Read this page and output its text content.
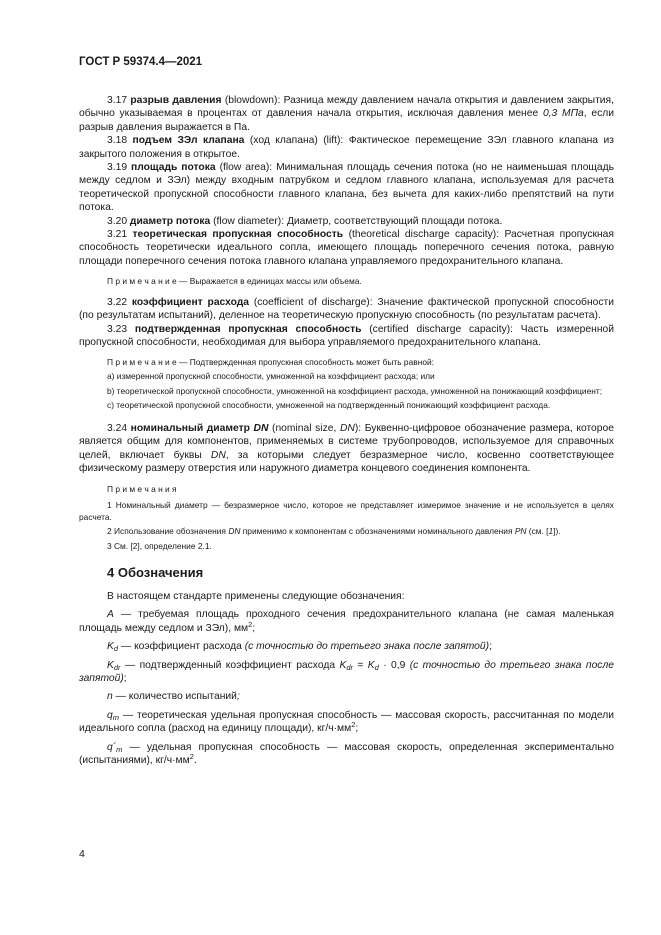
ГОСТ Р 59374.4—2021

3.17 разрыв давления (blowdown): Разница между давлением начала открытия и давлением закрытия, обычно указываемая в процентах от давления начала открытия, исключая давления менее 0,3 МПа, если разрыв давления выражается в Па.

3.18 подъем ЗЭл клапана (ход клапана) (lift): Фактическое перемещение ЗЭл главного клапана из закрытого положения в открытое.

3.19 площадь потока (flow area): Минимальная площадь сечения потока (но не наименьшая площадь между седлом и ЗЭл) между входным патрубком и седлом главного клапана, используемая для расчета теоретической пропускной способности главного клапана, без вычета для каких-либо препятствий на пути потока.

3.20 диаметр потока (flow diameter): Диаметр, соответствующий площади потока.

3.21 теоретическая пропускная способность (theoretical discharge capacity): Расчетная пропускная способность теоретически идеального сопла, имеющего площадь поперечного сечения потока, равную площади поперечного сечения потока главного клапана управляемого предохранительного клапана.

П р и м е ч а н и е — Выражается в единицах массы или объема.

3.22 коэффициент расхода (coefficient of discharge): Значение фактической пропускной способности (по результатам испытаний), деленное на теоретическую пропускную способность (по результатам расчета).

3.23 подтвержденная пропускная способность (certified discharge capacity): Часть измеренной пропускной способности, необходимая для выбора управляемого предохранительного клапана.

П р и м е ч а н и е — Подтвержденная пропускная способность может быть равной:

а) измеренной пропускной способности, умноженной на коэффициент расхода; или

b) теоретической пропускной способности, умноженной на коэффициент расхода, умноженной на понижающий коэффициент;

c) теоретической пропускной способности, умноженной на подтвержденный понижающий коэффициент расхода.

3.24 номинальный диаметр DN (nominal size, DN): Буквенно-цифровое обозначение размера, которое является общим для компонентов, применяемых в системе трубопроводов, используемое для справочных целей, включает буквы DN, за которыми следует безразмерное число, косвенно соответствующее физическому размеру отверстия или наружного диаметра концевого соединения компонента.

П р и м е ч а н и я

1 Номинальный диаметр — безразмерное число, которое не представляет измеримое значение и не используется в целях расчета.

2 Использование обозначения DN применимо к компонентам с обозначениями номинального давления PN (см. [1]).

3 См. [2], определение 2.1.

4 Обозначения

В настоящем стандарте применены следующие обозначения:

A — требуемая площадь проходного сечения предохранительного клапана (не самая маленькая площадь между седлом и ЗЭл), $мм^2$;

$K_d$ — коэффициент расхода (с точностью до третьего знака после запятой);

$K_{dr}$ — подтвержденный коэффициент расхода $K_{dr} = K_d \cdot 0,9$ (с точностью до третьего знака после запятой);

n — количество испытаний;

$q_m$ — теоретическая удельная пропускная способность — массовая скорость, рассчитанная по модели идеального сопла (расход на единицу площади), $кг/ч\cdot мм^2$;

$q´_m$ — удельная пропускная способность — массовая скорость, определенная экспериментально (испытаниями), $кг/ч\cdot мм^2$.

4
